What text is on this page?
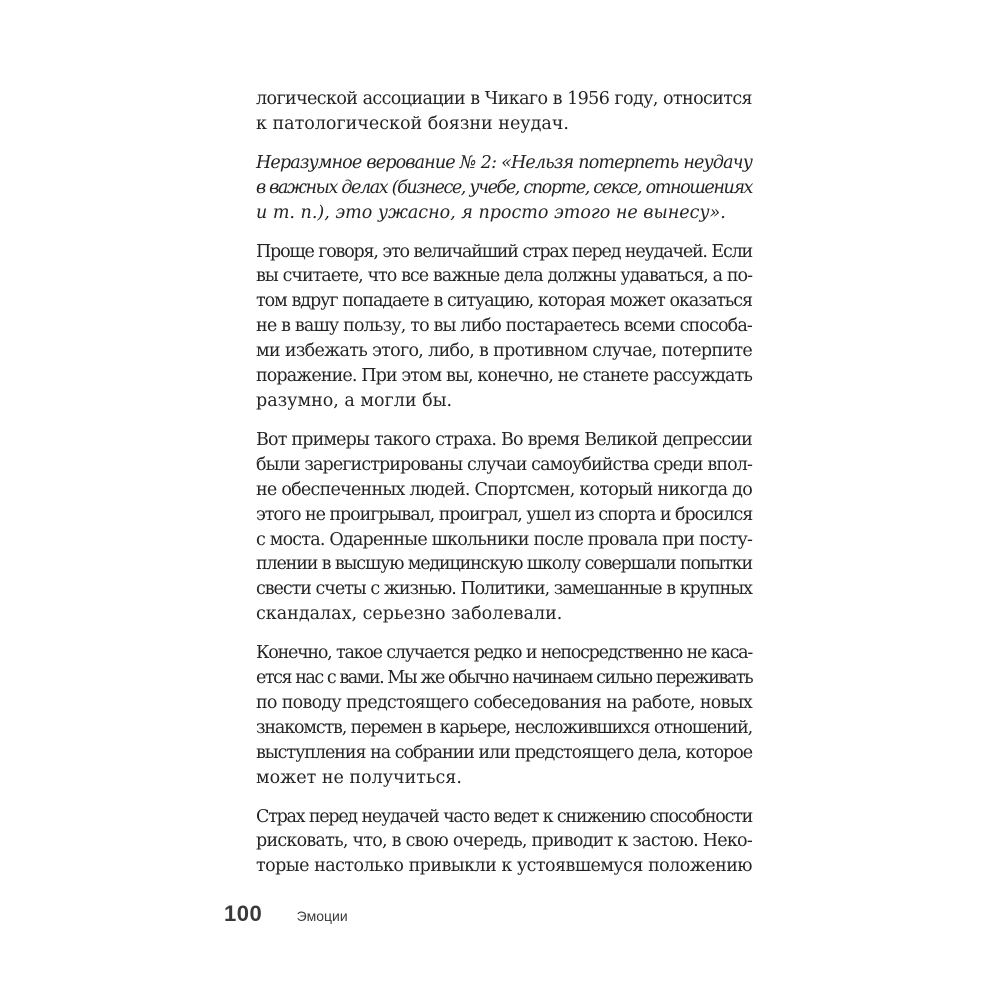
логической ассоциации в Чикаго в 1956 году, относится
к патологической боязни неудач.
Неразумное верование № 2: «Нельзя потерпеть неудачу
в важных делах (бизнесе, учебе, спорте, сексе, отношениях
и т. п.), это ужасно, я просто этого не вынесу».
Проще говоря, это величайший страх перед неудачей. Если
вы считаете, что все важные дела должны удаваться, а по-
том вдруг попадаете в ситуацию, которая может оказаться
не в вашу пользу, то вы либо постараетесь всеми способа-
ми избежать этого, либо, в противном случае, потерпите
поражение. При этом вы, конечно, не станете рассуждать
разумно, а могли бы.
Вот примеры такого страха. Во время Великой депрессии
были зарегистрированы случаи самоубийства среди впол-
не обеспеченных людей. Спортсмен, который никогда до
этого не проигрывал, проиграл, ушел из спорта и бросился
с моста. Одаренные школьники после провала при посту-
плении в высшую медицинскую школу совершали попытки
свести счеты с жизнью. Политики, замешанные в крупных
скандалах, серьезно заболевали.
Конечно, такое случается редко и непосредственно не каса-
ется нас с вами. Мы же обычно начинаем сильно переживать
по поводу предстоящего собеседования на работе, новых
знакомств, перемен в карьере, несложившихся отношений,
выступления на собрании или предстоящего дела, которое
может не получиться.
Страх перед неудачей часто ведет к снижению способности
рисковать, что, в свою очередь, приводит к застою. Неко-
торые настолько привыкли к устоявшемуся положению
100 Эмоции
